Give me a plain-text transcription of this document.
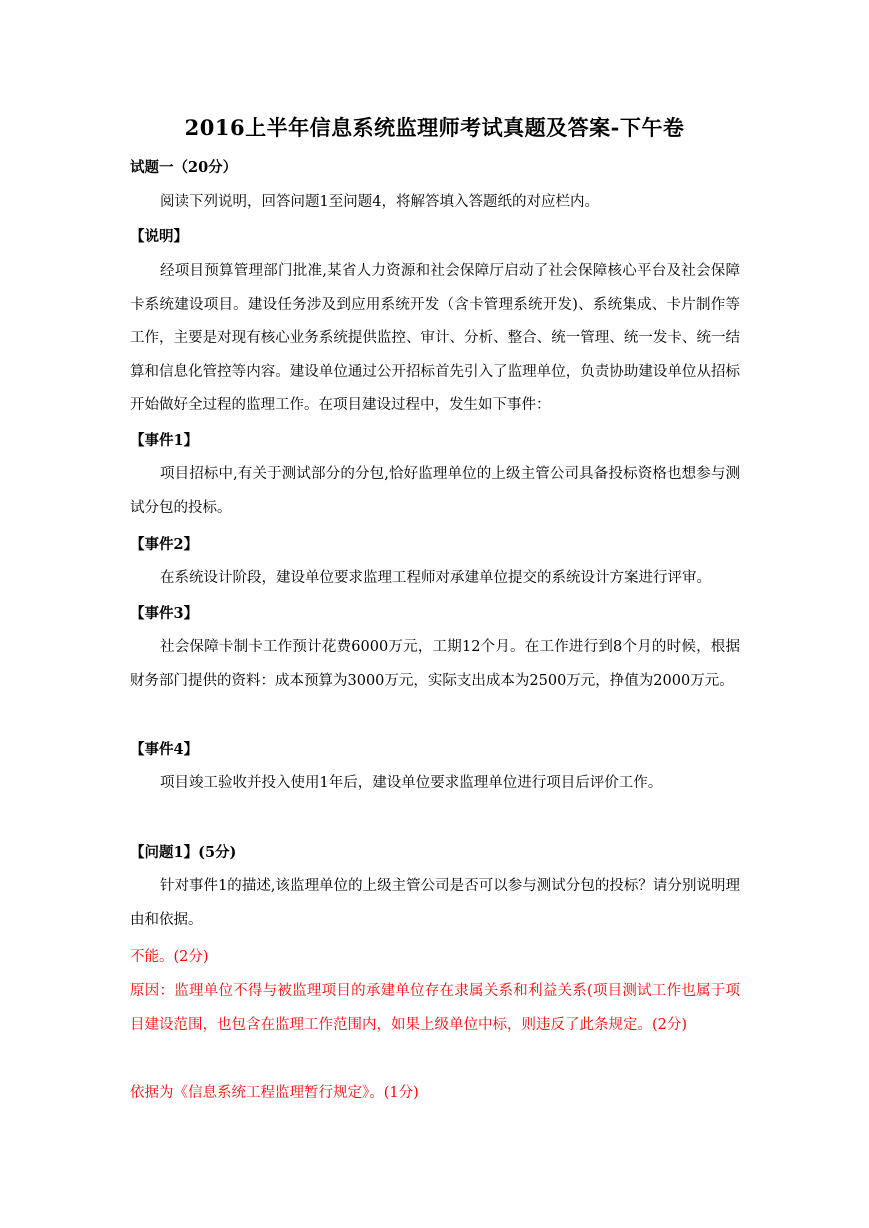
2016上半年信息系统监理师考试真题及答案-下午卷
试题一（20分）
阅读下列说明，回答问题1至问题4，将解答填入答题纸的对应栏内。
【说明】
经项目预算管理部门批准,某省人力资源和社会保障厅启动了社会保障核心平台及社会保障卡系统建设项目。建设任务涉及到应用系统开发（含卡管理系统开发)、系统集成、卡片制作等工作，主要是对现有核心业务系统提供监控、审计、分析、整合、统一管理、统一发卡、统一结算和信息化管控等内容。建设单位通过公开招标首先引入了监理单位，负责协助建设单位从招标开始做好全过程的监理工作。在项目建设过程中，发生如下事件：
【事件1】
项目招标中,有关于测试部分的分包,恰好监理单位的上级主管公司具备投标资格也想参与测试分包的投标。
【事件2】
在系统设计阶段，建设单位要求监理工程师对承建单位提交的系统设计方案进行评审。
【事件3】
社会保障卡制卡工作预计花费6000万元，工期12个月。在工作进行到8个月的时候，根据财务部门提供的资料：成本预算为3000万元，实际支出成本为2500万元，挣值为2000万元。
【事件4】
项目竣工验收并投入使用1年后，建设单位要求监理单位进行项目后评价工作。
【问题1】(5分)
针对事件1的描述,该监理单位的上级主管公司是否可以参与测试分包的投标？请分别说明理由和依据。
不能。(2分)
原因：监理单位不得与被监理项目的承建单位存在隶属关系和利益关系(项目测试工作也属于项目建设范围，也包含在监理工作范围内，如果上级单位中标，则违反了此条规定。(2分)
依据为《信息系统工程监理暂行规定》。(1分)
